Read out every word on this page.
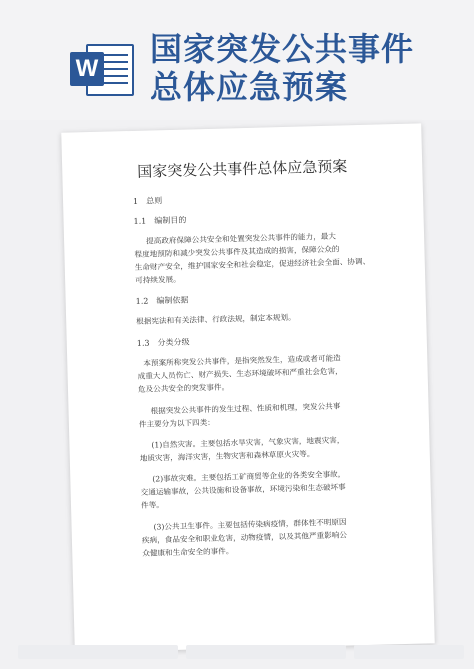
W
国家突发公共事件
总体应急预案
国家突发公共事件总体应急预案
1　总则
1.1　编制目的
提高政府保障公共安全和处置突发公共事件的能力，最大
程度地预防和减少突发公共事件及其造成的损害，保障公众的
生命财产安全，维护国家安全和社会稳定，促进经济社会全面、协调、
可持续发展。
1.2　编制依据
根据宪法和有关法律、行政法规，制定本规划。
1.3　分类分级
本预案所称突发公共事件，是指突然发生，造成或者可能造
成重大人员伤亡、财产损失、生态环境破坏和严重社会危害，
危及公共安全的突发事件。
根据突发公共事件的发生过程、性质和机理，突发公共事
件主要分为以下四类：
(1)自然灾害。主要包括水旱灾害，气象灾害，地震灾害，
地质灾害，海洋灾害，生物灾害和森林草原火灾等。
(2)事故灾难。主要包括工矿商贸等企业的各类安全事故，
交通运输事故，公共设施和设备事故，环境污染和生态破坏事
件等。
(3)公共卫生事件。主要包括传染病疫情，群体性不明原因
疾病，食品安全和职业危害，动物疫情，以及其他严重影响公
众健康和生命安全的事件。
